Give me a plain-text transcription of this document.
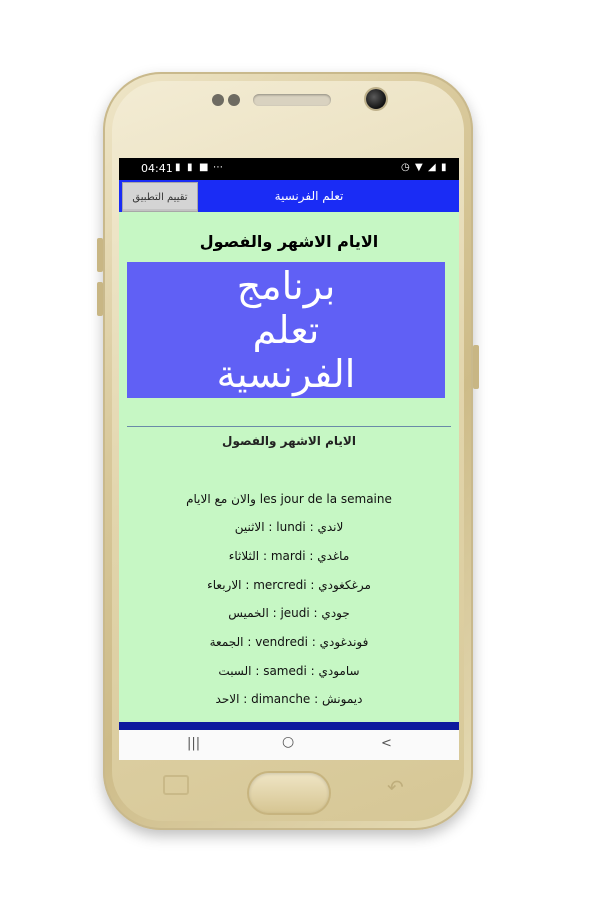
↶
04:41 ▮ ▮ ■ ⋯	◷ ▼ ◢ ▮
تقييم التطبيق	تعلم الفرنسية
الايام الاشهر والفصول
برنامج
تعلم
الفرنسية
الايام الاشهر والفصول
والان مع الايام les jour de la semaine
الاثنين : lundi : لاندي
الثلاثاء : mardi : ماغدي
الاربعاء : mercredi : مرغكغودي
الخميس : jeudi : جودي
الجمعة : vendredi : فوندغودي
السبت : samedi : سامودي
الاحد : dimanche : ديمونش
|||	○	<
